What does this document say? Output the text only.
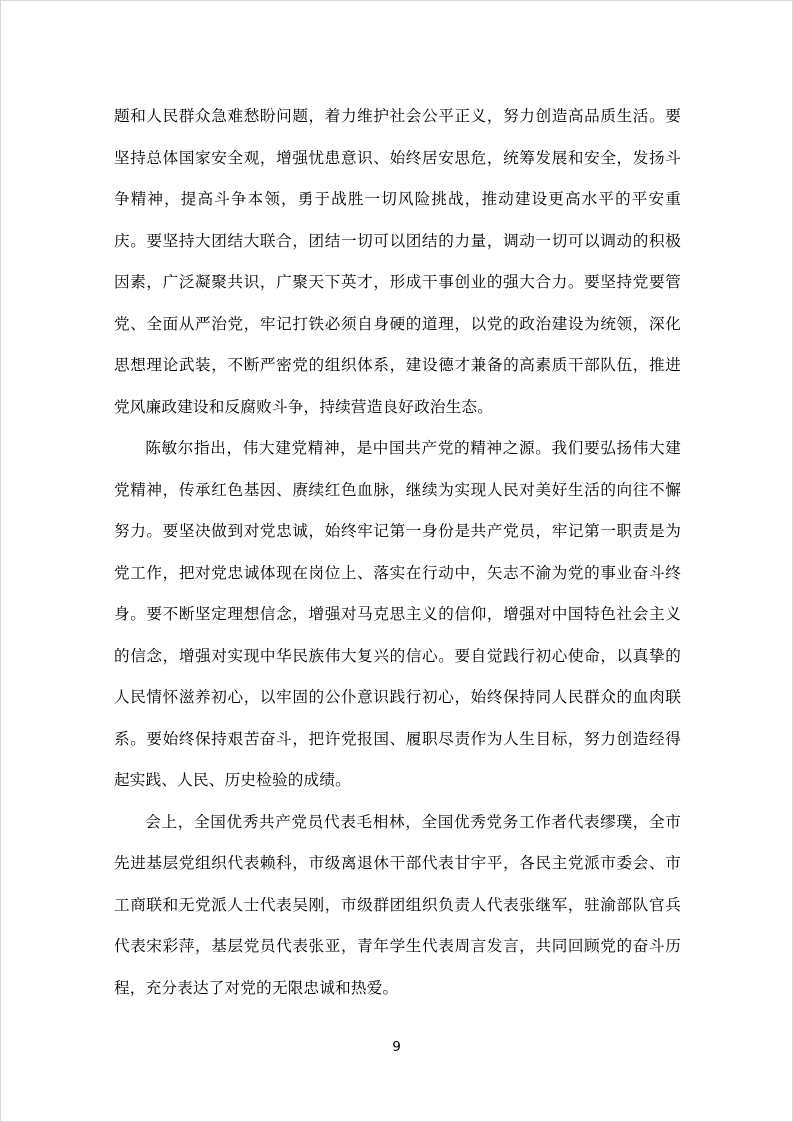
题和人民群众急难愁盼问题，着力维护社会公平正义，努力创造高品质生活。要坚持总体国家安全观，增强忧患意识、始终居安思危，统筹发展和安全，发扬斗争精神，提高斗争本领，勇于战胜一切风险挑战，推动建设更高水平的平安重庆。要坚持大团结大联合，团结一切可以团结的力量，调动一切可以调动的积极因素，广泛凝聚共识，广聚天下英才，形成干事创业的强大合力。要坚持党要管党、全面从严治党，牢记打铁必须自身硬的道理，以党的政治建设为统领，深化思想理论武装，不断严密党的组织体系，建设德才兼备的高素质干部队伍，推进党风廉政建设和反腐败斗争，持续营造良好政治生态。

陈敏尔指出，伟大建党精神，是中国共产党的精神之源。我们要弘扬伟大建党精神，传承红色基因、赓续红色血脉，继续为实现人民对美好生活的向往不懈努力。要坚决做到对党忠诚，始终牢记第一身份是共产党员，牢记第一职责是为党工作，把对党忠诚体现在岗位上、落实在行动中，矢志不渝为党的事业奋斗终身。要不断坚定理想信念，增强对马克思主义的信仰，增强对中国特色社会主义的信念，增强对实现中华民族伟大复兴的信心。要自觉践行初心使命，以真挚的人民情怀滋养初心，以牢固的公仆意识践行初心，始终保持同人民群众的血肉联系。要始终保持艰苦奋斗，把许党报国、履职尽责作为人生目标，努力创造经得起实践、人民、历史检验的成绩。

会上，全国优秀共产党员代表毛相林，全国优秀党务工作者代表缪璞，全市先进基层党组织代表赖科，市级离退休干部代表甘宇平，各民主党派市委会、市工商联和无党派人士代表吴刚，市级群团组织负责人代表张继军，驻渝部队官兵代表宋彩萍，基层党员代表张亚，青年学生代表周言发言，共同回顾党的奋斗历程，充分表达了对党的无限忠诚和热爱。

9
